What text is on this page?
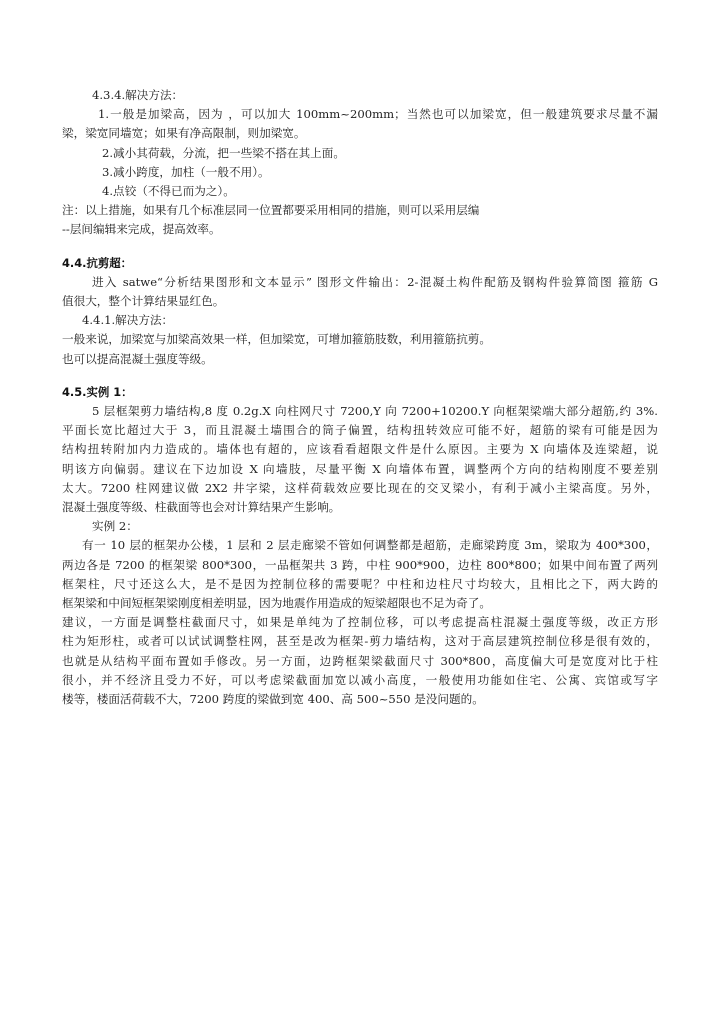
4.3.4.解决方法：
1.一般是加梁高，因为 ，可以加大 100mm~200mm；当然也可以加梁宽，但一般建筑要求尽量不漏
梁，梁宽同墙宽；如果有净高限制，则加梁宽。
2.减小其荷载，分流，把一些梁不搭在其上面。
3.减小跨度，加柱（一般不用）。
4.点铰（不得已而为之）。
注：以上措施，如果有几个标准层同一位置都要采用相同的措施，则可以采用层编
--层间编辑来完成，提高效率。
4.4.抗剪超：
进入 satwe“分析结果图形和文本显示” 图形文件输出：2-混凝土构件配筋及钢构件验算简图 箍筋 G
值很大，整个计算结果显红色。
4.4.1.解决方法：
一般来说，加梁宽与加梁高效果一样，但加梁宽，可增加箍筋肢数，利用箍筋抗剪。
也可以提高混凝土强度等级。
4.5.实例 1：
5 层框架剪力墙结构,8 度 0.2g.X 向柱网尺寸 7200,Y 向 7200+10200.Y 向框架梁端大部分超筋,约 3%.
平面长宽比超过大于 3，而且混凝土墙围合的筒子偏置，结构扭转效应可能不好，超筋的梁有可能是因为
结构扭转附加内力造成的。墙体也有超的，应该看看超限文件是什么原因。主要为 X 向墙体及连梁超，说
明该方向偏弱。建议在下边加设 X 向墙肢，尽量平衡 X 向墙体布置，调整两个方向的结构刚度不要差别
太大。7200 柱网建议做 2X2 井字梁，这样荷载效应要比现在的交叉梁小，有利于减小主梁高度。另外，
混凝土强度等级、柱截面等也会对计算结果产生影响。
实例 2：
有一 10 层的框架办公楼，1 层和 2 层走廊梁不管如何调整都是超筋，走廊梁跨度 3m，梁取为 400*300，
两边各是 7200 的框架梁 800*300，一品框架共 3 跨，中柱 900*900，边柱 800*800；如果中间布置了两列
框架柱，尺寸还这么大，是不是因为控制位移的需要呢？中柱和边柱尺寸均较大，且相比之下，两大跨的
框架梁和中间短框架梁刚度相差明显，因为地震作用造成的短梁超限也不足为奇了。
建议，一方面是调整柱截面尺寸，如果是单纯为了控制位移，可以考虑提高柱混凝土强度等级，改正方形
柱为矩形柱，或者可以试试调整柱网，甚至是改为框架-剪力墙结构，这对于高层建筑控制位移是很有效的，
也就是从结构平面布置如手修改。另一方面，边跨框架梁截面尺寸 300*800，高度偏大可是宽度对比于柱
很小，并不经济且受力不好，可以考虑梁截面加宽以减小高度，一般使用功能如住宅、公寓、宾馆或写字
楼等，楼面活荷载不大，7200 跨度的梁做到宽 400、高 500~550 是没问题的。
